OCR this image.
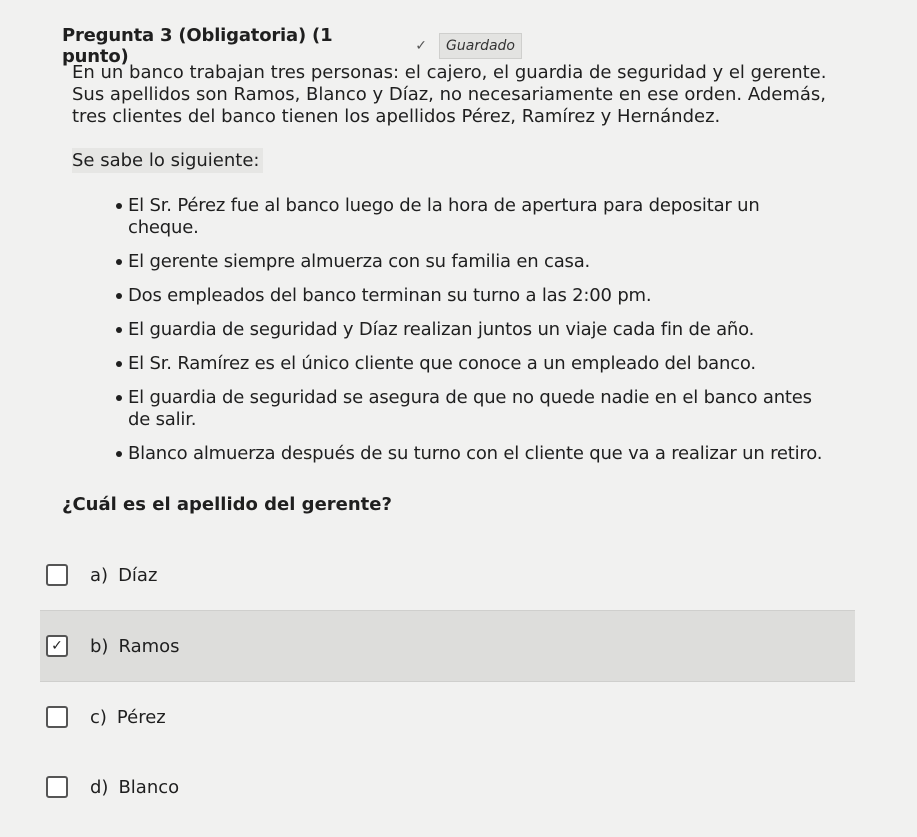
Pregunta 3 (Obligatoria) (1 punto)	✓	Guardado
En un banco trabajan tres personas: el cajero, el guardia de seguridad y el gerente.
Sus apellidos son Ramos, Blanco y Díaz, no necesariamente en ese orden. Además,
tres clientes del banco tienen los apellidos Pérez, Ramírez y Hernández.
Se sabe lo siguiente:
El Sr. Pérez fue al banco luego de la hora de apertura para depositar un cheque.
El gerente siempre almuerza con su familia en casa.
Dos empleados del banco terminan su turno a las 2:00 pm.
El guardia de seguridad y Díaz realizan juntos un viaje cada fin de año.
El Sr. Ramírez es el único cliente que conoce a un empleado del banco.
El guardia de seguridad se asegura de que no quede nadie en el banco antes de salir.
Blanco almuerza después de su turno con el cliente que va a realizar un retiro.
¿Cuál es el apellido del gerente?
a) Díaz
✓ b) Ramos
c) Pérez
d) Blanco
